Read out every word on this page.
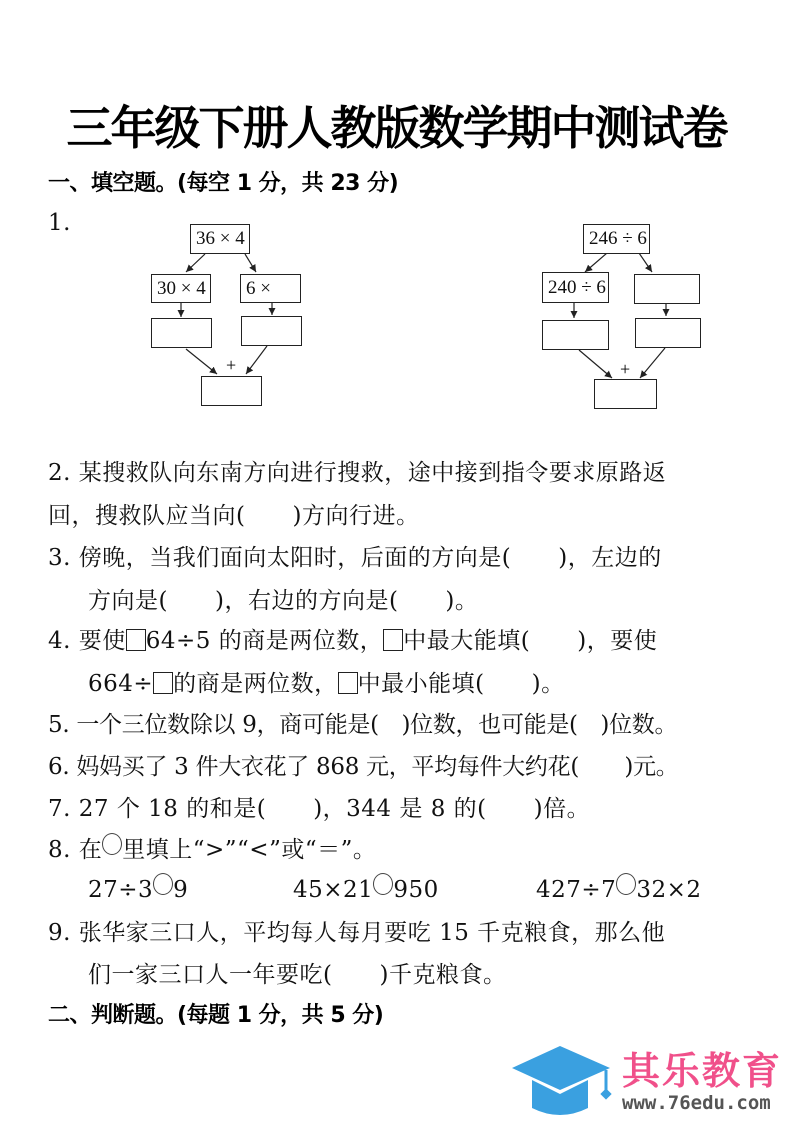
三年级下册人教版数学期中测试卷
一、填空题。(每空 1 分，共 23 分)
1.
+	+
36 × 4
30 × 4	6 ×
246 ÷ 6
240 ÷ 6
2. 某搜救队向东南方向进行搜救，途中接到指令要求原路返
回，搜救队应当向(　　)方向行进。
3. 傍晚，当我们面向太阳时，后面的方向是(　　)，左边的
方向是(　　)，右边的方向是(　　)。
4. 要使 64÷5 的商是两位数， 中最大能填(　　)，要使
664÷ 的商是两位数， 中最小能填(　　)。
5. 一个三位数除以 9，商可能是(　)位数，也可能是(　)位数。
6. 妈妈买了 3 件大衣花了 868 元，平均每件大约花(　　)元。
7. 27 个 18 的和是(　　)，344 是 8 的(　　)倍。
8. 在 里填上“>”“<”或“＝”。
27÷3 9	45×21 950	427÷7 32×2
9. 张华家三口人，平均每人每月要吃 15 千克粮食，那么他
们一家三口人一年要吃(　　)千克粮食。
二、判断题。(每题 1 分，共 5 分)
其乐教育
www.76edu.com
